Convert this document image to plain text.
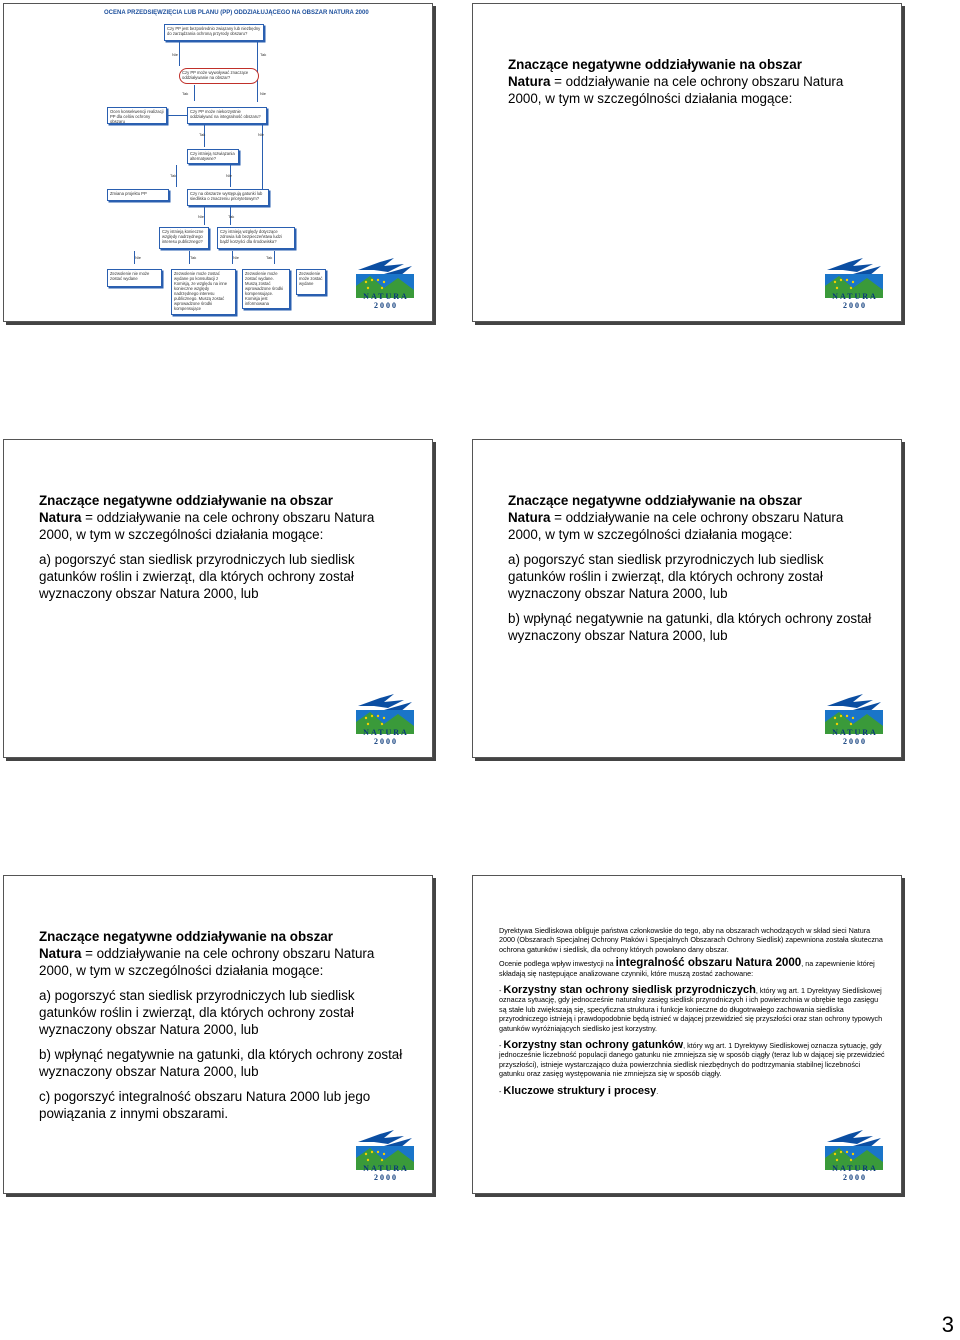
OCENA PRZEDSIĘWZIĘCIA LUB PLANU (PP) ODDZIAŁUJĄCEGO NA OBSZAR NATURA 2000
Czy PP jest bezpośrednio związany lub niezbędny do zarządzania ochroną przyrody obszaru?
Nie	Tak
Czy PP może wywoływać znaczące oddziaływanie na obszar?
Tak	Nie
Ocen konsekwencji realizacji PP dla celów ochrony obszaru
Czy PP może niekorzystnie oddziaływać na integralność obszaru?
Tak	Nie
Czy istnieją rozwiązania alternatywne?
Tak	Nie
Zmiana projektu PP	Czy na obszarze występują gatunki lub siedliska o znaczeniu priorytetowym?
Nie	Tak
Czy istnieją konieczne względy nadrzędnego interesu publicznego?
Czy istnieją względy dotyczące zdrowia lub bezpieczeństwa ludzi bądź korzyści dla środowiska?
Nie	Tak	Nie	Tak
Zezwolenie nie może zostać wydane
Zezwolenie może zostać wydane po konsultacji z Komisją, ze względu na inne konieczne względy nadrzędnego interesu publicznego. Muszą zostać wprowadzone środki kompensujące
Zezwolenie może zostać wydane. Muszą zostać wprowadzone środki kompensujące. Komisja jest informowana
Zezwolenie może zostać wydane
NATURA 2000

Znaczące negatywne oddziaływanie na obszar

Natura = oddziaływanie na cele ochrony obszaru Natura

2000, w tym w szczególności działania mogące:

NATURA 2000

Znaczące negatywne oddziaływanie na obszar

Natura = oddziaływanie na cele ochrony obszaru Natura

2000, w tym w szczególności działania mogące:

a) pogorszyć stan siedlisk przyrodniczych lub siedlisk gatunków roślin i zwierząt, dla których ochrony został wyznaczony obszar Natura 2000, lub

NATURA 2000

Znaczące negatywne oddziaływanie na obszar

Natura = oddziaływanie na cele ochrony obszaru Natura

2000, w tym w szczególności działania mogące:

a) pogorszyć stan siedlisk przyrodniczych lub siedlisk gatunków roślin i zwierząt, dla których ochrony został wyznaczony obszar Natura 2000, lub

b) wpłynąć negatywnie na gatunki, dla których ochrony został wyznaczony obszar Natura 2000, lub

NATURA 2000

Znaczące negatywne oddziaływanie na obszar

Natura = oddziaływanie na cele ochrony obszaru Natura

2000, w tym w szczególności działania mogące:

a) pogorszyć stan siedlisk przyrodniczych lub siedlisk gatunków roślin i zwierząt, dla których ochrony został wyznaczony obszar Natura 2000, lub

b) wpłynąć negatywnie na gatunki, dla których ochrony został wyznaczony obszar Natura 2000, lub

c) pogorszyć integralność obszaru Natura 2000 lub jego powiązania z innymi obszarami.

NATURA 2000

Dyrektywa Siedliskowa obliguje państwa członkowskie do tego, aby na obszarach wchodzących w skład sieci Natura 2000 (Obszarach Specjalnej Ochrony Ptaków i Specjalnych Obszarach Ochrony Siedlisk) zapewniona została skuteczna ochrona gatunków i siedlisk, dla ochrony których powołano dany obszar.

Ocenie podlega wpływ inwestycji na integralność obszaru Natura 2000, na zapewnienie której składają się następujące analizowane czynniki, które muszą zostać zachowane:

- Korzystny stan ochrony siedlisk przyrodniczych, który wg art. 1 Dyrektywy Siedliskowej oznacza sytuację, gdy jednocześnie naturalny zasięg siedlisk przyrodniczych i ich powierzchnia w obrębie tego zasięgu są stałe lub zwiększają się, specyficzna struktura i funkcje konieczne do długotrwałego zachowania siedliska przyrodniczego istnieją i prawdopodobnie będą istnieć w dającej przewidzieć się przyszłości oraz stan ochrony typowych gatunków wyróżniających siedlisko jest korzystny.

- Korzystny stan ochrony gatunków, który wg art. 1 Dyrektywy Siedliskowej oznacza sytuację, gdy jednocześnie liczebność populacji danego gatunku nie zmniejsza się w sposób ciągły (teraz lub w dającej się przewidzieć przyszłości), istnieje wystarczająco duża powierzchnia siedlisk niezbędnych do podtrzymania stabilnej liczebności gatunku oraz zasięg występowania nie zmniejsza się w sposób ciągły.

- Kluczowe struktury i procesy.

NATURA 2000
3
